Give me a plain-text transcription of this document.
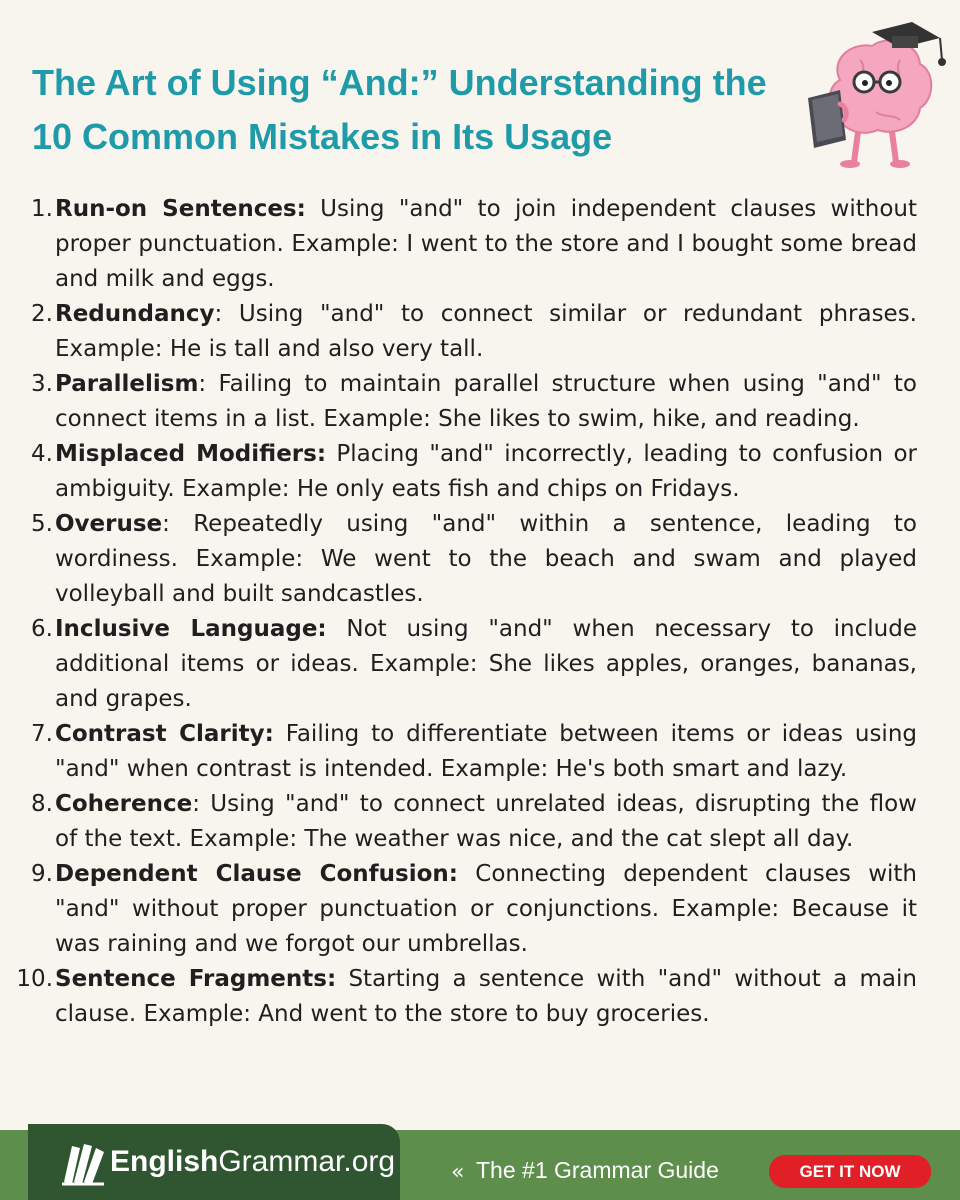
The Art of Using “And:” Understanding the
10 Common Mistakes in Its Usage
1. Run-on Sentences: Using "and" to join independent clauses without proper punctuation. Example: I went to the store and I bought some bread and milk and eggs.
2. Redundancy: Using "and" to connect similar or redundant phrases. Example: He is tall and also very tall.
3. Parallelism: Failing to maintain parallel structure when using "and" to connect items in a list. Example: She likes to swim, hike, and reading.
4. Misplaced Modifiers: Placing "and" incorrectly, leading to confusion or ambiguity. Example: He only eats fish and chips on Fridays.
5. Overuse: Repeatedly using "and" within a sentence, leading to wordiness. Example: We went to the beach and swam and played volleyball and built sandcastles.
6. Inclusive Language: Not using "and" when necessary to include additional items or ideas. Example: She likes apples, oranges, bananas, and grapes.
7. Contrast Clarity: Failing to differentiate between items or ideas using "and" when contrast is intended. Example: He's both smart and lazy.
8. Coherence: Using "and" to connect unrelated ideas, disrupting the flow of the text. Example: The weather was nice, and the cat slept all day.
9. Dependent Clause Confusion: Connecting dependent clauses with "and" without proper punctuation or conjunctions. Example: Because it was raining and we forgot our umbrellas.
10. Sentence Fragments: Starting a sentence with "and" without a main clause. Example: And went to the store to buy groceries.
EnglishGrammar.org	« The #1 Grammar Guide	GET IT NOW
